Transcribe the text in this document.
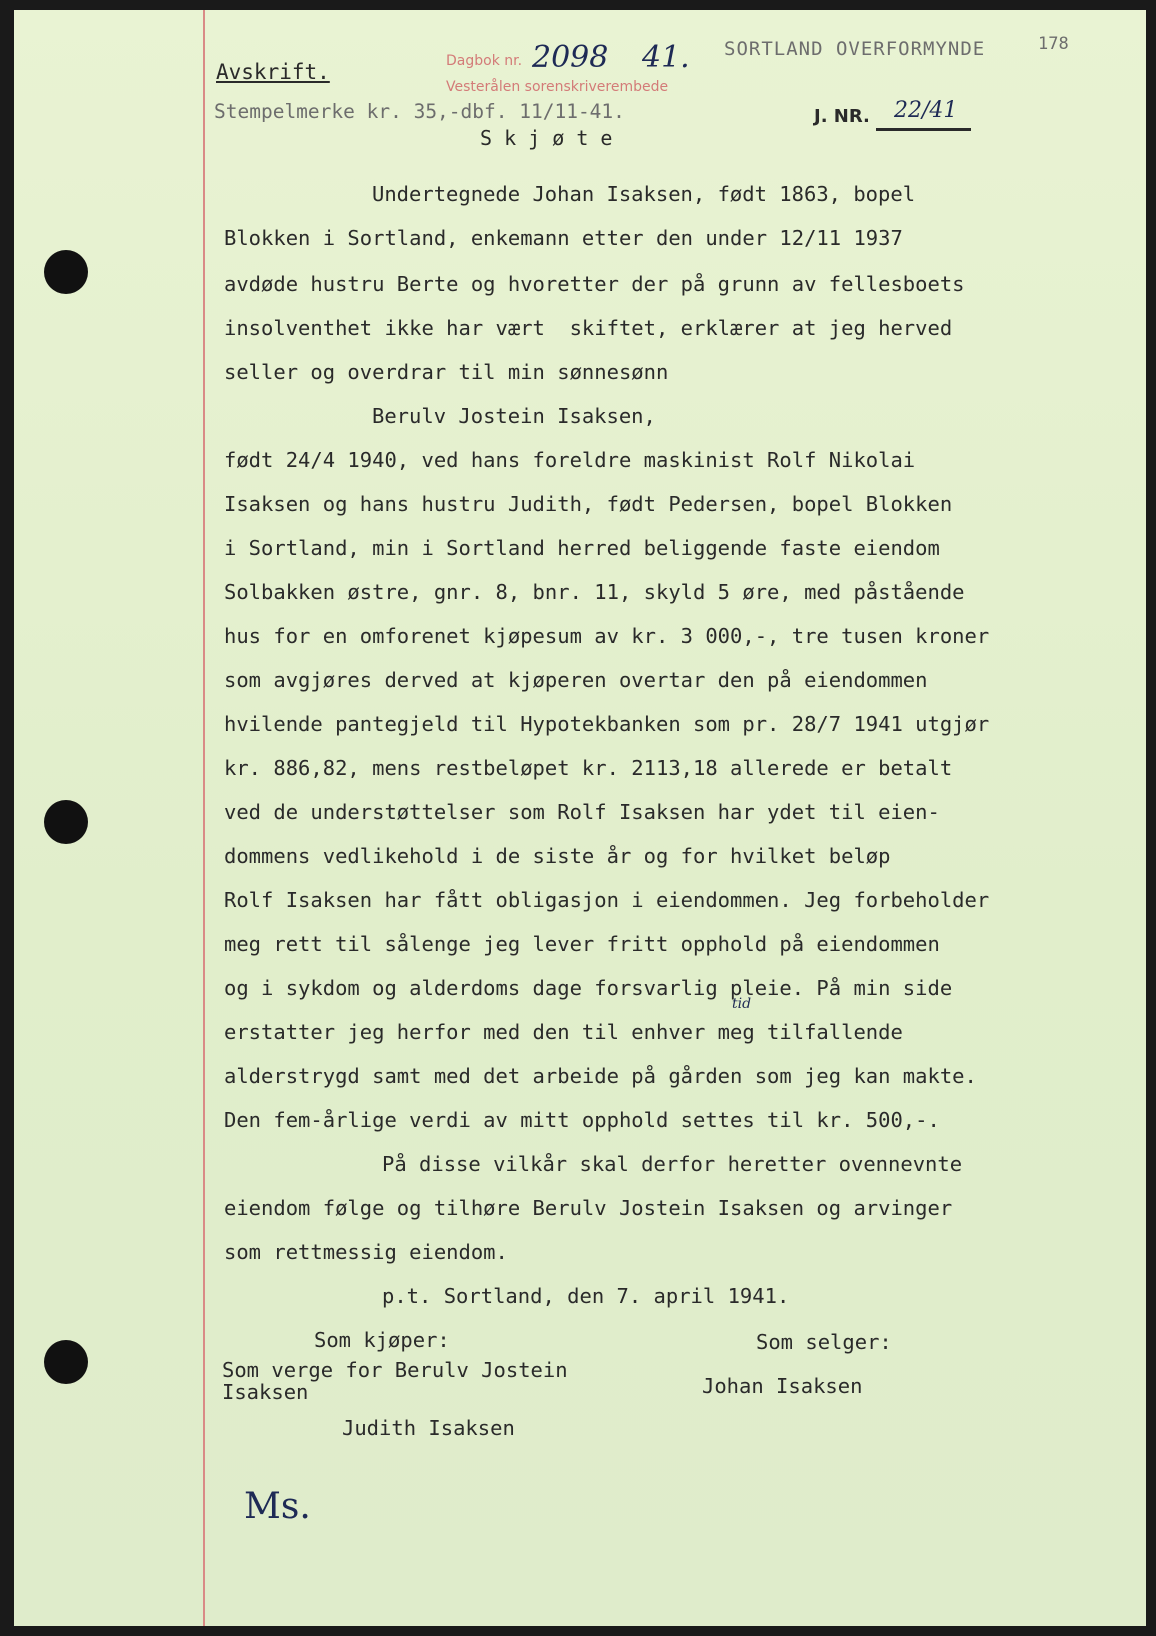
Avskrift.	Dagbok nr. 2098 41.
Vesterålen sorenskriverembede
SORTLAND OVERFORMYNDE	178
Stempelmerke kr. 35,-dbf. 11/11-41.	J. NR. 22/41
S k j ø t e
Undertegnede Johan Isaksen, født 1863, bopel
Blokken i Sortland, enkemann etter den under 12/11 1937
avdøde hustru Berte og hvoretter der på grunn av fellesboets
insolventhet ikke har vært  skiftet, erklærer at jeg herved
seller og overdrar til min sønnesønn
Berulv Jostein Isaksen,
født 24/4 1940, ved hans foreldre maskinist Rolf Nikolai
Isaksen og hans hustru Judith, født Pedersen, bopel Blokken
i Sortland, min i Sortland herred beliggende faste eiendom
Solbakken østre, gnr. 8, bnr. 11, skyld 5 øre, med påstående
hus for en omforenet kjøpesum av kr. 3 000,-, tre tusen kroner
som avgjøres derved at kjøperen overtar den på eiendommen
hvilende pantegjeld til Hypotekbanken som pr. 28/7 1941 utgjør
kr. 886,82, mens restbeløpet kr. 2113,18 allerede er betalt
ved de understøttelser som Rolf Isaksen har ydet til eien-
dommens vedlikehold i de siste år og for hvilket beløp
Rolf Isaksen har fått obligasjon i eiendommen. Jeg forbeholder
meg rett til sålenge jeg lever fritt opphold på eiendommen
og i sykdom og alderdoms dage forsvarlig pleie. På min side
tid
erstatter jeg herfor med den til enhver meg tilfallende
alderstrygd samt med det arbeide på gården som jeg kan makte.
Den fem-årlige verdi av mitt opphold settes til kr. 500,-.
På disse vilkår skal derfor heretter ovennevnte
eiendom følge og tilhøre Berulv Jostein Isaksen og arvinger
som rettmessig eiendom.
p.t. Sortland, den 7. april 1941.
Som kjøper:
Som verge for Berulv Jostein
Isaksen
Judith Isaksen
Som selger:
Johan Isaksen
Ms.
